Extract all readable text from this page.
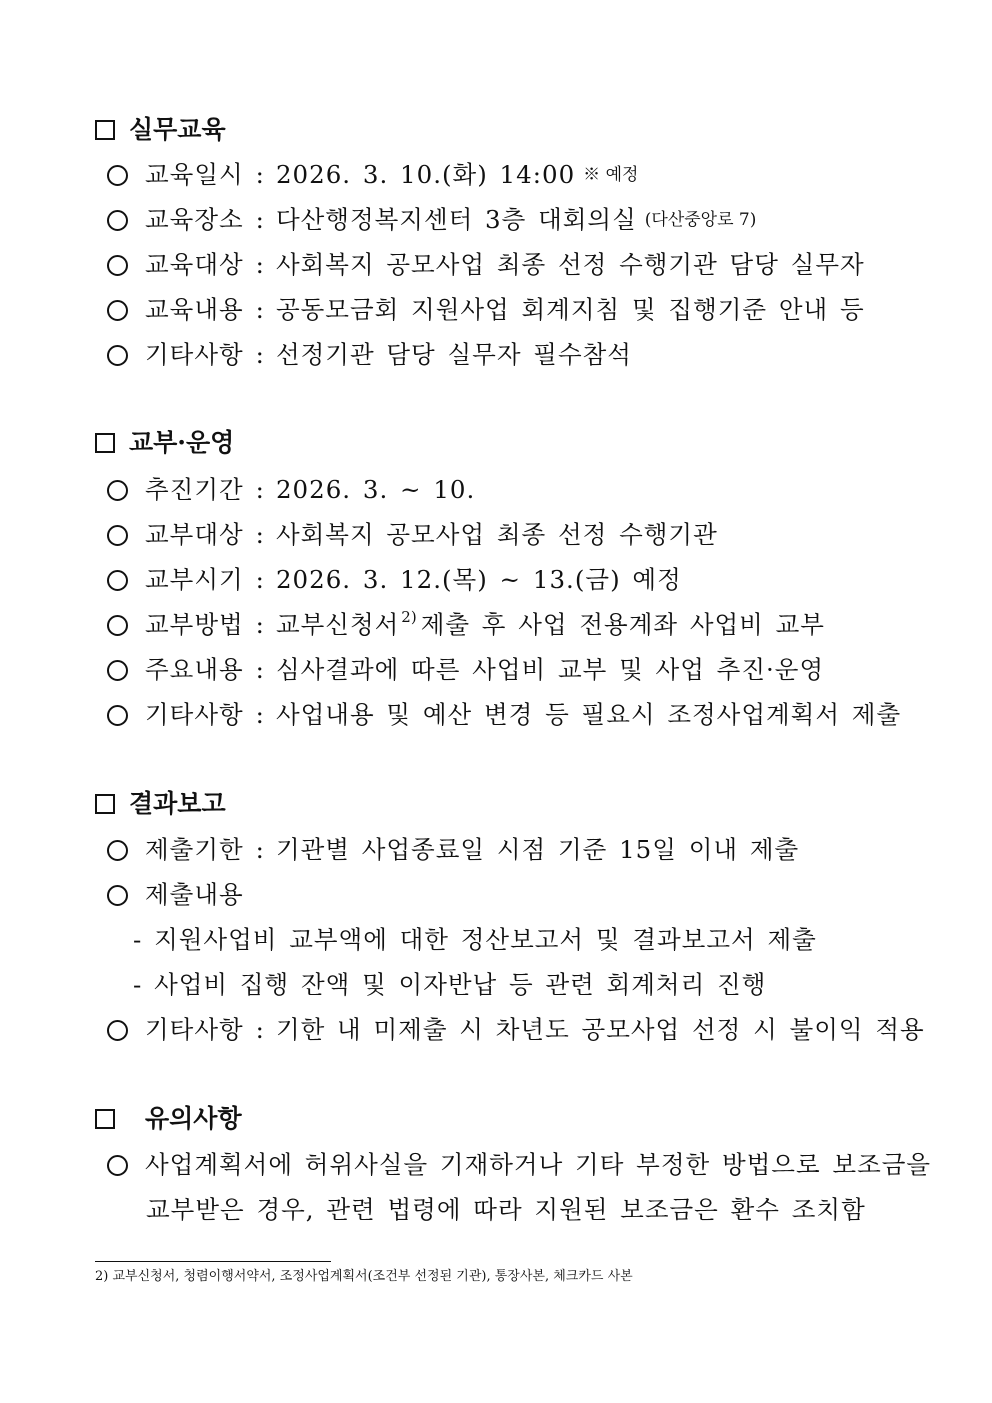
실무교육
교육일시 : 2026. 3. 10.(화) 14:00 ※ 예정
교육장소 : 다산행정복지센터 3층 대회의실 (다산중앙로 7)
교육대상 : 사회복지 공모사업 최종 선정 수행기관 담당 실무자
교육내용 : 공동모금회 지원사업 회계지침 및 집행기준 안내 등
기타사항 : 선정기관 담당 실무자 필수참석
교부·운영
추진기간 : 2026. 3. ~ 10.
교부대상 : 사회복지 공모사업 최종 선정 수행기관
교부시기 : 2026. 3. 12.(목) ~ 13.(금) 예정
교부방법 : 교부신청서 2) 제출 후 사업 전용계좌 사업비 교부
주요내용 : 심사결과에 따른 사업비 교부 및 사업 추진·운영
기타사항 : 사업내용 및 예산 변경 등 필요시 조정사업계획서 제출
결과보고
제출기한 : 기관별 사업종료일 시점 기준 15일 이내 제출
제출내용
- 지원사업비 교부액에 대한 정산보고서 및 결과보고서 제출
- 사업비 집행 잔액 및 이자반납 등 관련 회계처리 진행
기타사항 : 기한 내 미제출 시 차년도 공모사업 선정 시 불이익 적용
유의사항
사업계획서에 허위사실을 기재하거나 기타 부정한 방법으로 보조금을
교부받은 경우, 관련 법령에 따라 지원된 보조금은 환수 조치함
2) 교부신청서, 청렴이행서약서, 조정사업계획서(조건부 선정된 기관), 통장사본, 체크카드 사본
